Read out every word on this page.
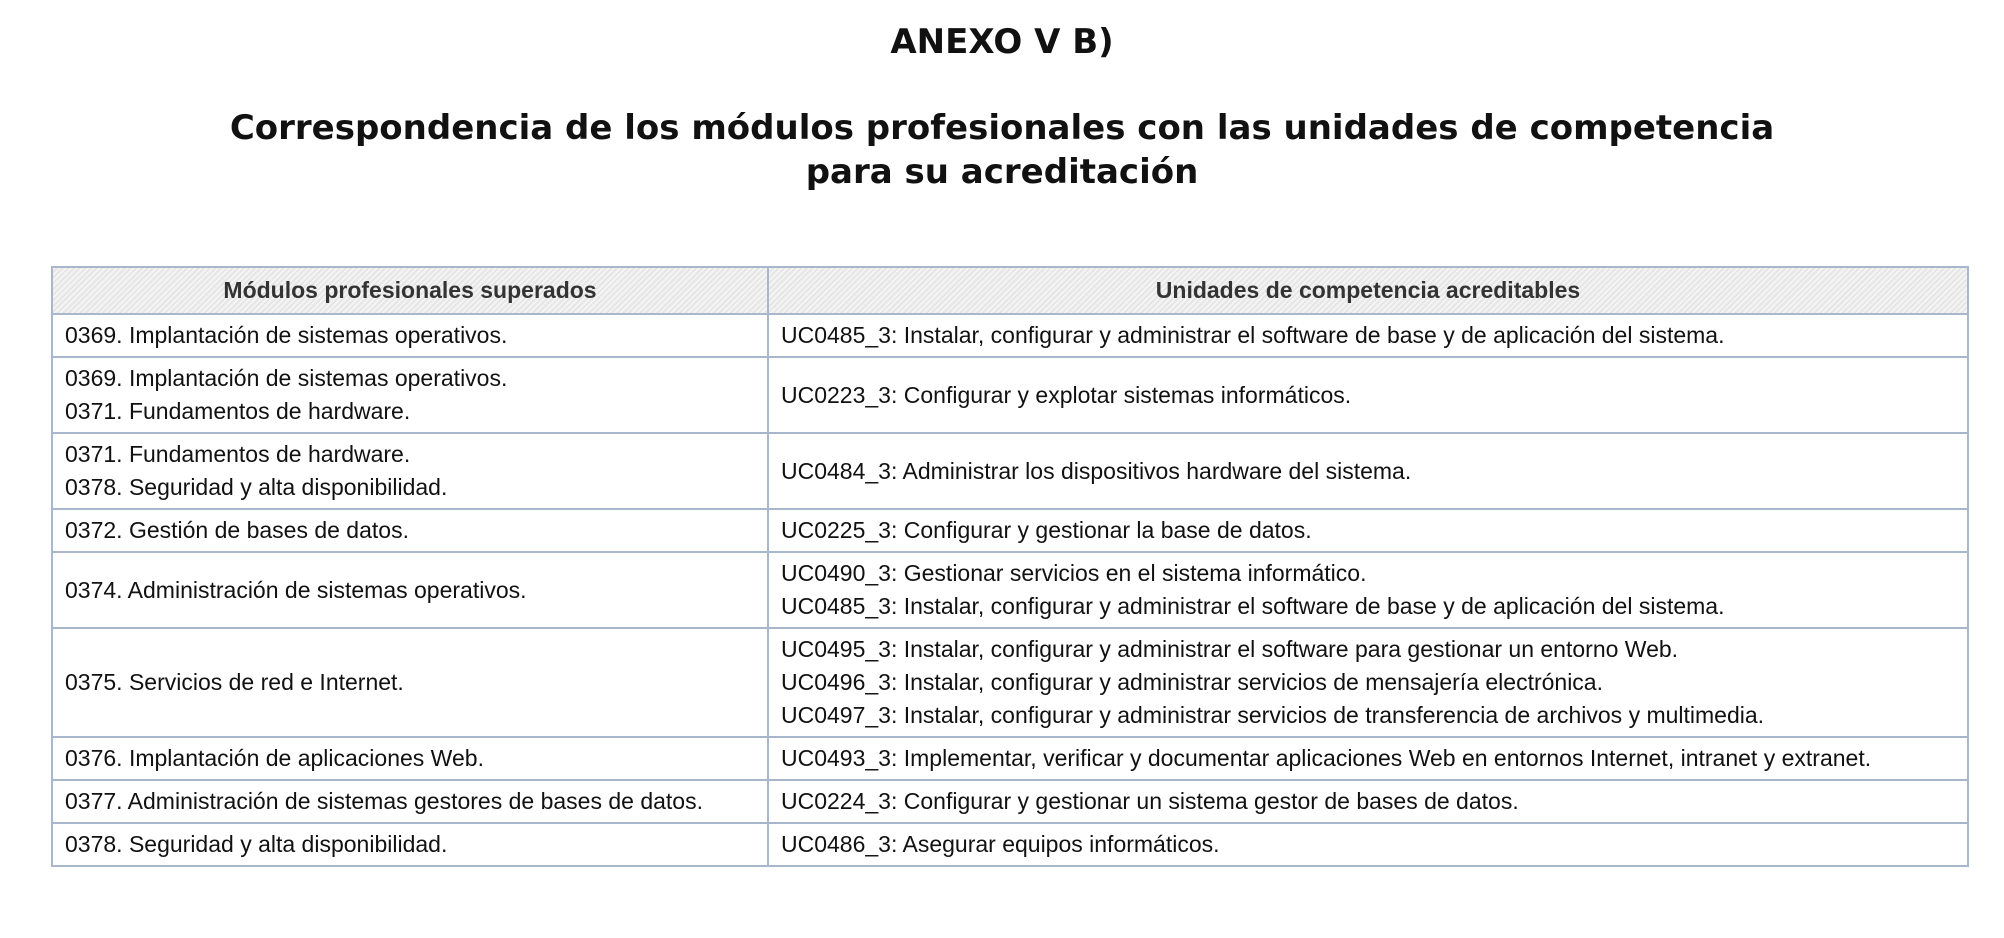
ANEXO V B)
Correspondencia de los módulos profesionales con las unidades de competencia
para su acreditación
Módulos profesionales superados	Unidades de competencia acreditables

0369. Implantación de sistemas operativos.	UC0485_3: Instalar, configurar y administrar el software de base y de aplicación del sistema.

0369. Implantación de sistemas operativos.
0371. Fundamentos de hardware.	UC0223_3: Configurar y explotar sistemas informáticos.

0371. Fundamentos de hardware.
0378. Seguridad y alta disponibilidad.	UC0484_3: Administrar los dispositivos hardware del sistema.

0372. Gestión de bases de datos.	UC0225_3: Configurar y gestionar la base de datos.

0374. Administración de sistemas operativos.	UC0490_3: Gestionar servicios en el sistema informático.
UC0485_3: Instalar, configurar y administrar el software de base y de aplicación del sistema.

0375. Servicios de red e Internet.	UC0495_3: Instalar, configurar y administrar el software para gestionar un entorno Web.
UC0496_3: Instalar, configurar y administrar servicios de mensajería electrónica.
UC0497_3: Instalar, configurar y administrar servicios de transferencia de archivos y multimedia.

0376. Implantación de aplicaciones Web.	UC0493_3: Implementar, verificar y documentar aplicaciones Web en entornos Internet, intranet y extranet.

0377. Administración de sistemas gestores de bases de datos.	UC0224_3: Configurar y gestionar un sistema gestor de bases de datos.

0378. Seguridad y alta disponibilidad.	UC0486_3: Asegurar equipos informáticos.
